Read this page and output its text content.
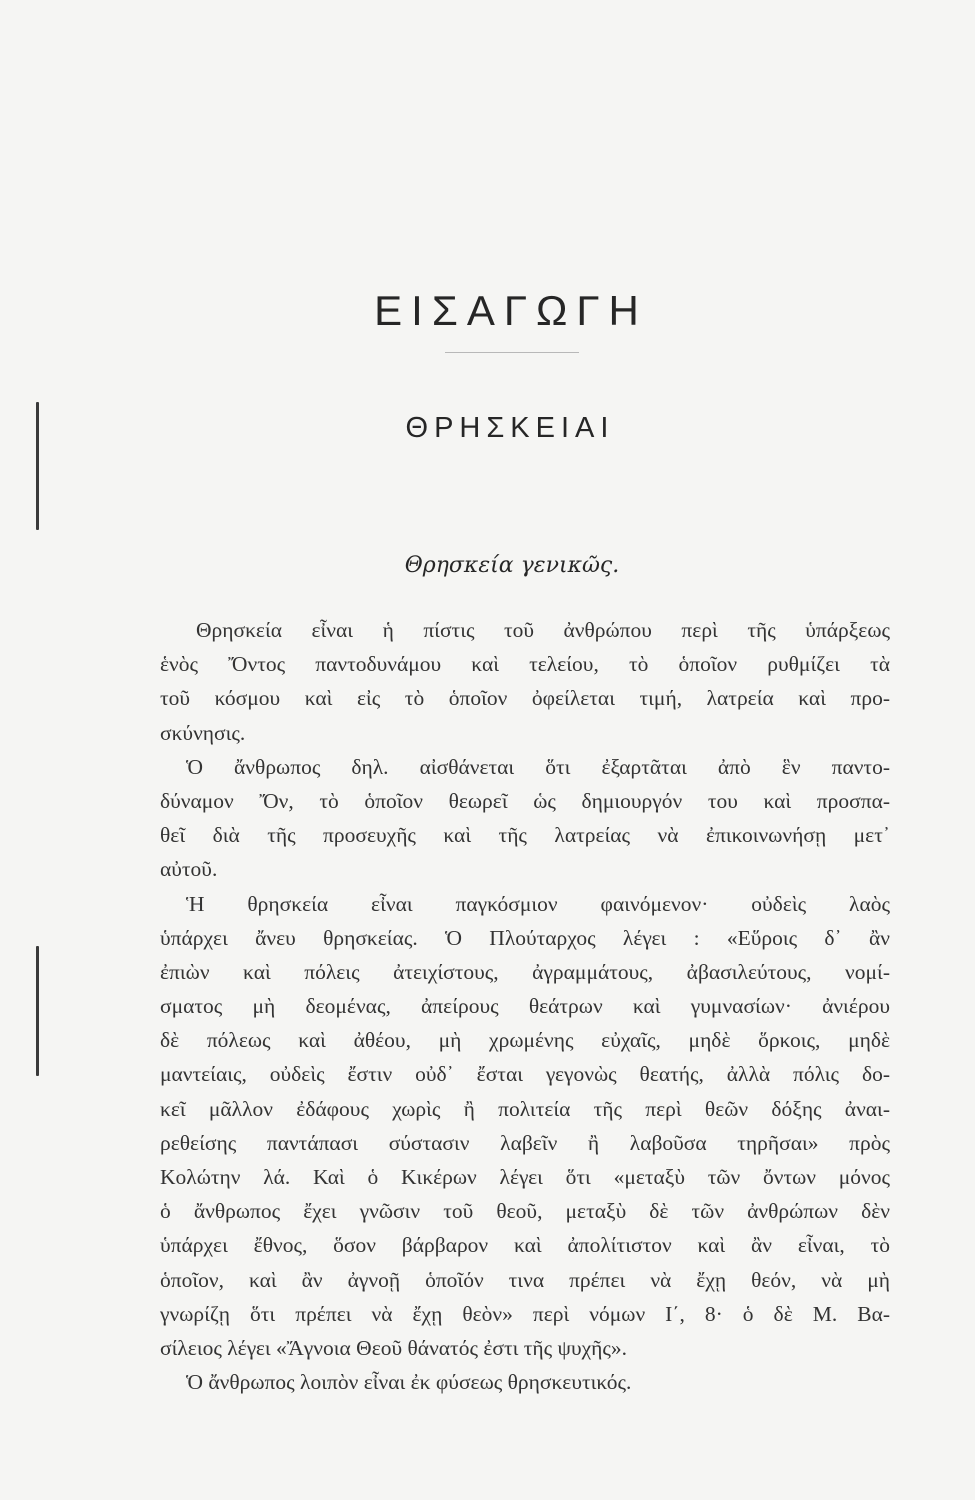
ΕΙΣΑΓΩΓΗ
ΘΡΗΣΚΕΙΑΙ
Θρησκεία γενικῶς.
Θρησκεία εἶναι ἡ πίστις τοῦ ἀνθρώπου περὶ τῆς ὑπάρξεως
ἑνὸς Ὄντος παντοδυνάμου καὶ τελείου, τὸ ὁποῖον ρυθμίζει τὰ
τοῦ κόσμου καὶ εἰς τὸ ὁποῖον ὀφείλεται τιμή, λατρεία καὶ προ-
σκύνησις.
Ὁ ἄνθρωπος δηλ. αἰσθάνεται ὅτι ἐξαρτᾶται ἀπὸ ἓν παντο-
δύναμον Ὄν, τὸ ὁποῖον θεωρεῖ ὡς δημιουργόν του καὶ προσπα-
θεῖ διὰ τῆς προσευχῆς καὶ τῆς λατρείας νὰ ἐπικοινωνήσῃ μετ᾿
αὐτοῦ.
Ἡ θρησκεία εἶναι παγκόσμιον φαινόμενον· οὐδεὶς λαὸς
ὑπάρχει ἄνευ θρησκείας. Ὁ Πλούταρχος λέγει : «Εὕροις δ᾿ ἂν
ἐπιὼν καὶ πόλεις ἀτειχίστους, ἀγραμμάτους, ἀβασιλεύτους, νομί-
σματος μὴ δεομένας, ἀπείρους θεάτρων καὶ γυμνασίων· ἀνιέρου
δὲ πόλεως καὶ ἀθέου, μὴ χρωμένης εὐχαῖς, μηδὲ ὅρκοις, μηδὲ
μαντείαις, οὐδεὶς ἔστιν οὐδ᾿ ἔσται γεγονὼς θεατής, ἀλλὰ πόλις δο-
κεῖ μᾶλλον ἐδάφους χωρὶς ἢ πολιτεία τῆς περὶ θεῶν δόξης ἀναι-
ρεθείσης παντάπασι σύστασιν λαβεῖν ἢ λαβοῦσα τηρῆσαι» πρὸς
Κολώτην λά. Καὶ ὁ Κικέρων λέγει ὅτι «μεταξὺ τῶν ὄντων μόνος
ὁ ἄνθρωπος ἔχει γνῶσιν τοῦ θεοῦ, μεταξὺ δὲ τῶν ἀνθρώπων δὲν
ὑπάρχει ἔθνος, ὅσον βάρβαρον καὶ ἀπολίτιστον καὶ ἂν εἶναι, τὸ
ὁποῖον, καὶ ἂν ἀγνοῇ ὁποῖόν τινα πρέπει νὰ ἔχῃ θεόν, νὰ μὴ
γνωρίζῃ ὅτι πρέπει νὰ ἔχῃ θεὸν» περὶ νόμων Ι΄, 8· ὁ δὲ Μ. Βα-
σίλειος λέγει «Ἄγνοια Θεοῦ θάνατός ἐστι τῆς ψυχῆς».
Ὁ ἄνθρωπος λοιπὸν εἶναι ἐκ φύσεως θρησκευτικός.
